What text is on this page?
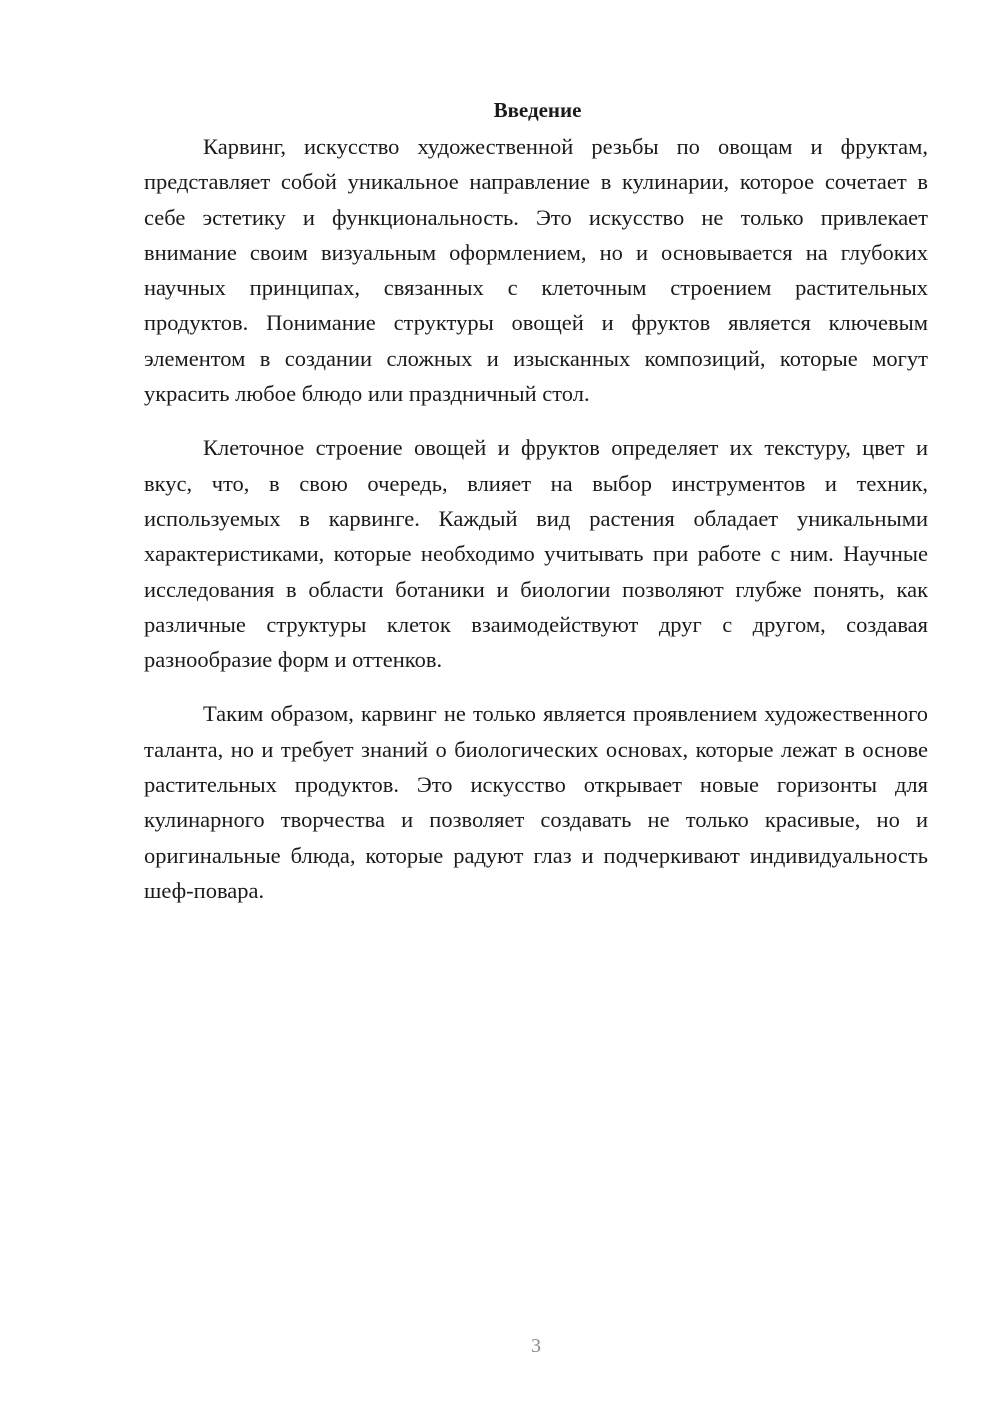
Введение

Карвинг, искусство художественной резьбы по овощам и фруктам, представляет собой уникальное направление в кулинарии, которое сочетает в себе эстетику и функциональность. Это искусство не только привлекает внимание своим визуальным оформлением, но и основывается на глубоких научных принципах, связанных с клеточным строением растительных продуктов. Понимание структуры овощей и фруктов является ключевым элементом в создании сложных и изысканных композиций, которые могут украсить любое блюдо или праздничный стол.

Клеточное строение овощей и фруктов определяет их текстуру, цвет и вкус, что, в свою очередь, влияет на выбор инструментов и техник, используемых в карвинге. Каждый вид растения обладает уникальными характеристиками, которые необходимо учитывать при работе с ним. Научные исследования в области ботаники и биологии позволяют глубже понять, как различные структуры клеток взаимодействуют друг с другом, создавая разнообразие форм и оттенков.

Таким образом, карвинг не только является проявлением художественного таланта, но и требует знаний о биологических основах, которые лежат в основе растительных продуктов. Это искусство открывает новые горизонты для кулинарного творчества и позволяет создавать не только красивые, но и оригинальные блюда, которые радуют глаз и подчеркивают индивидуальность шеф-повара.

3
